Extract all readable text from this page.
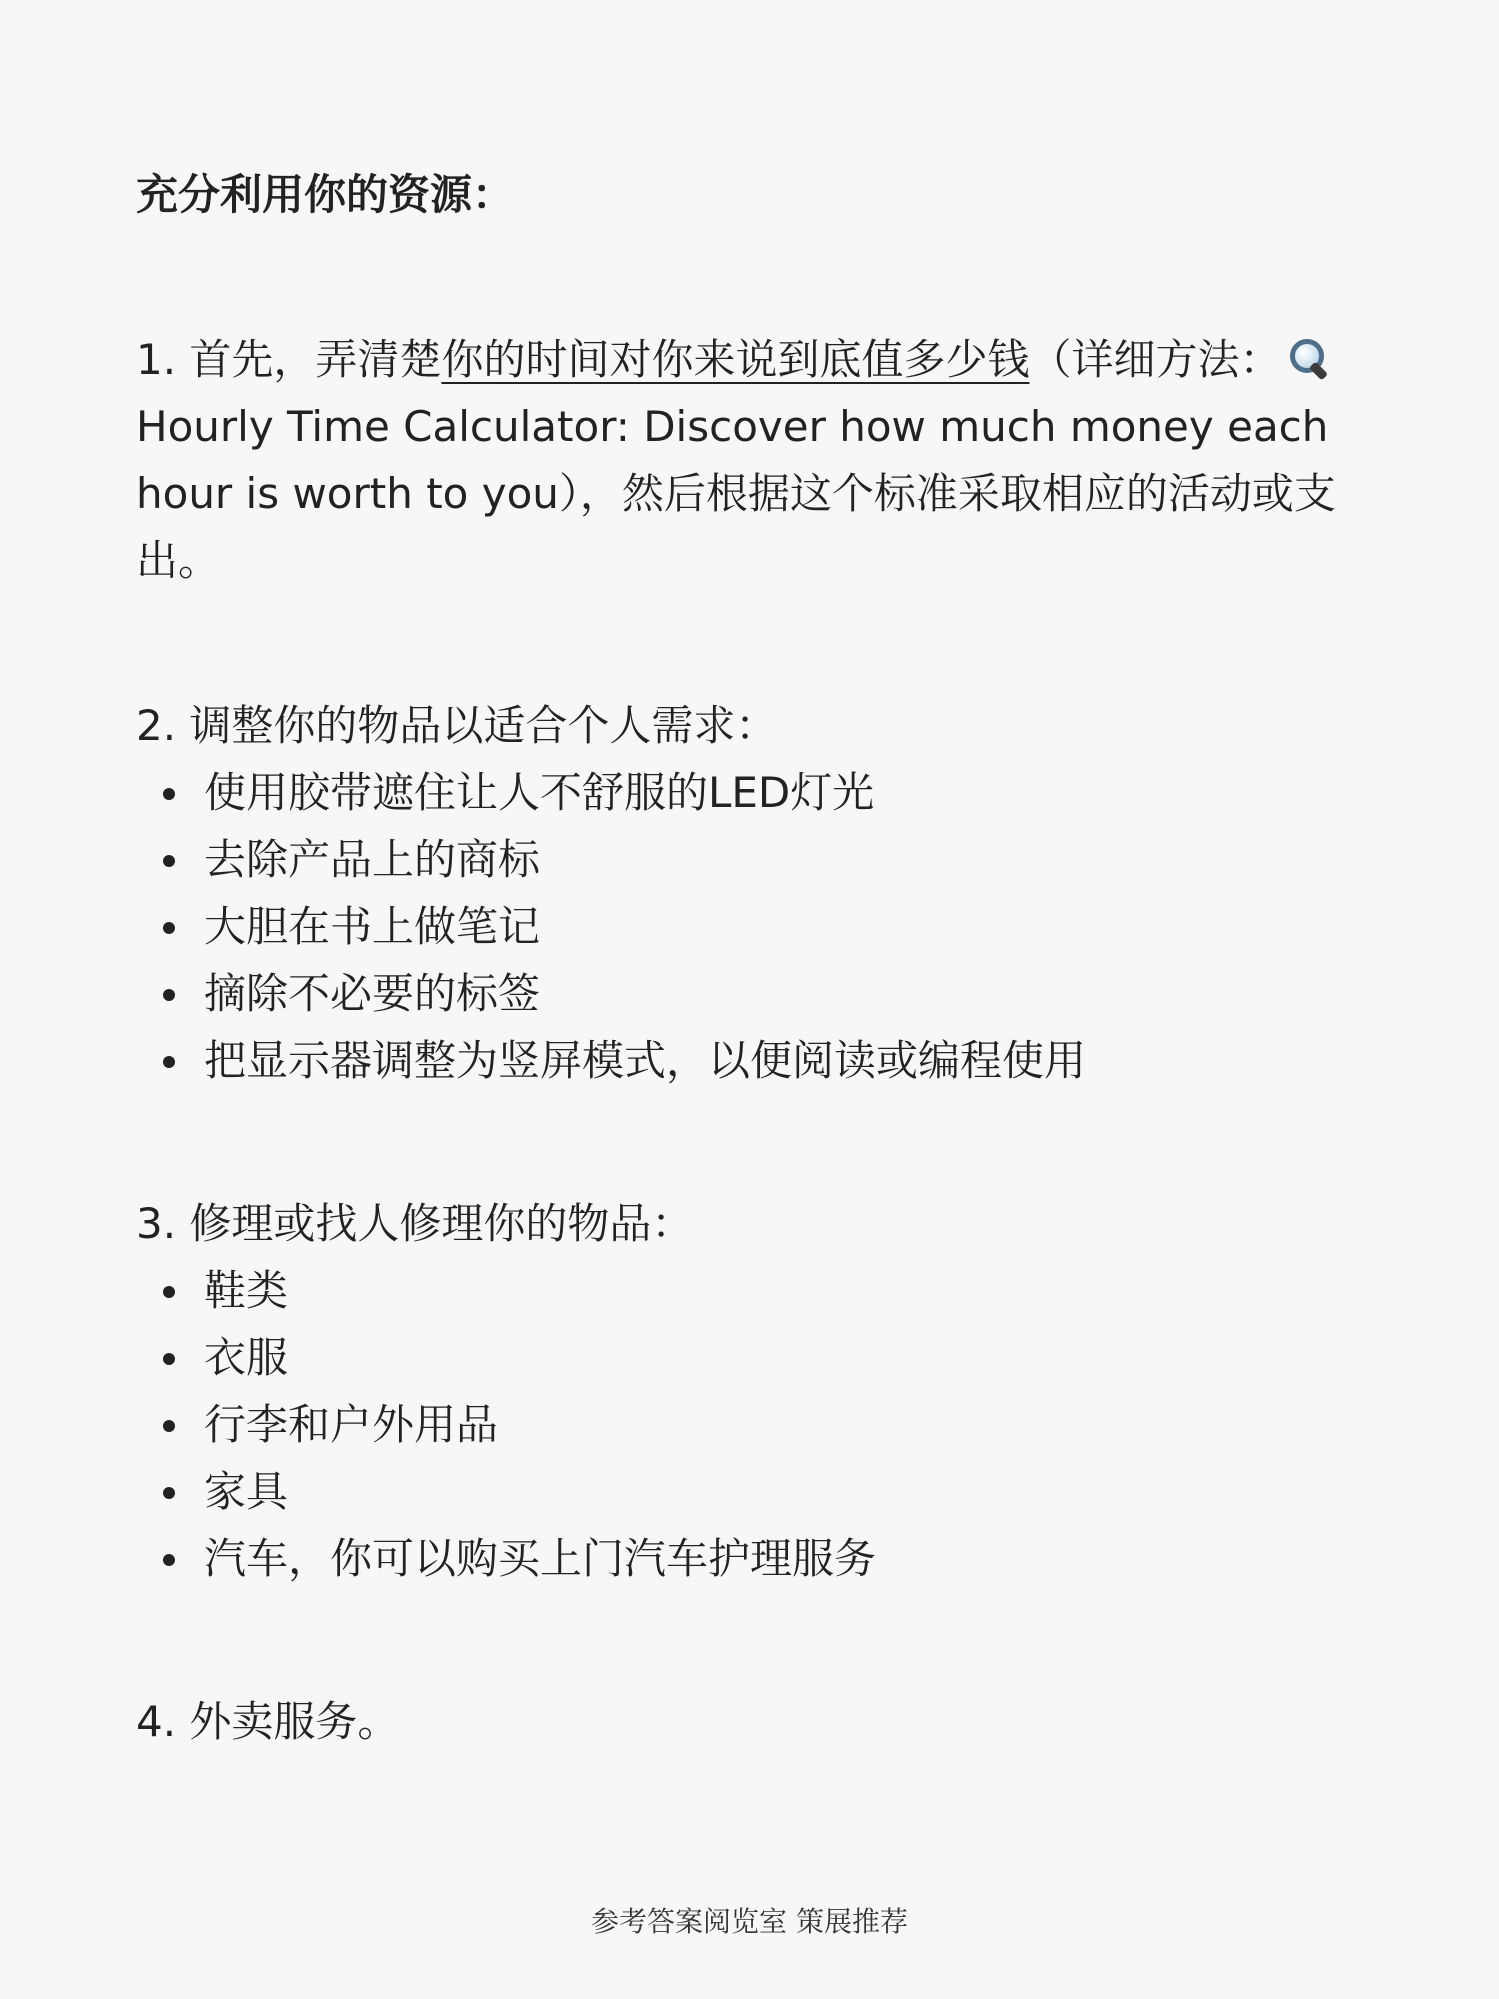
充分利用你的资源：
1. 首先，弄清楚你的时间对你来说到底值多少钱（详细方法：
Hourly Time Calculator: Discover how much money each hour is worth to you），然后根据这个标准采取相应的活动或支出。
2. 调整你的物品以适合个人需求：
使用胶带遮住让人不舒服的LED灯光
去除产品上的商标
大胆在书上做笔记
摘除不必要的标签
把显示器调整为竖屏模式，以便阅读或编程使用
3. 修理或找人修理你的物品：
鞋类
衣服
行李和户外用品
家具
汽车，你可以购买上门汽车护理服务
4. 外卖服务。
参考答案阅览室 策展推荐
